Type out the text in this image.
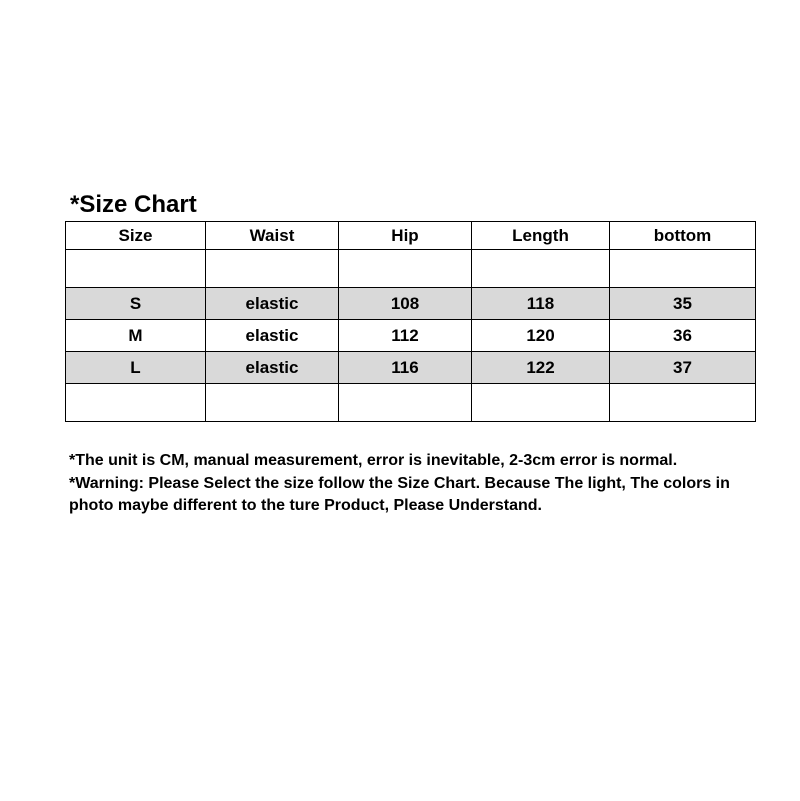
*Size Chart
Size	Waist	Hip	Length	bottom

S	elastic	108	118	35
M	elastic	112	120	36
L	elastic	116	122	37

*The unit is CM, manual measurement, error is inevitable, 2-3cm error is normal.

*Warning: Please Select the size follow the Size Chart. Because The light, The colors in photo maybe different to the ture Product, Please Understand.
